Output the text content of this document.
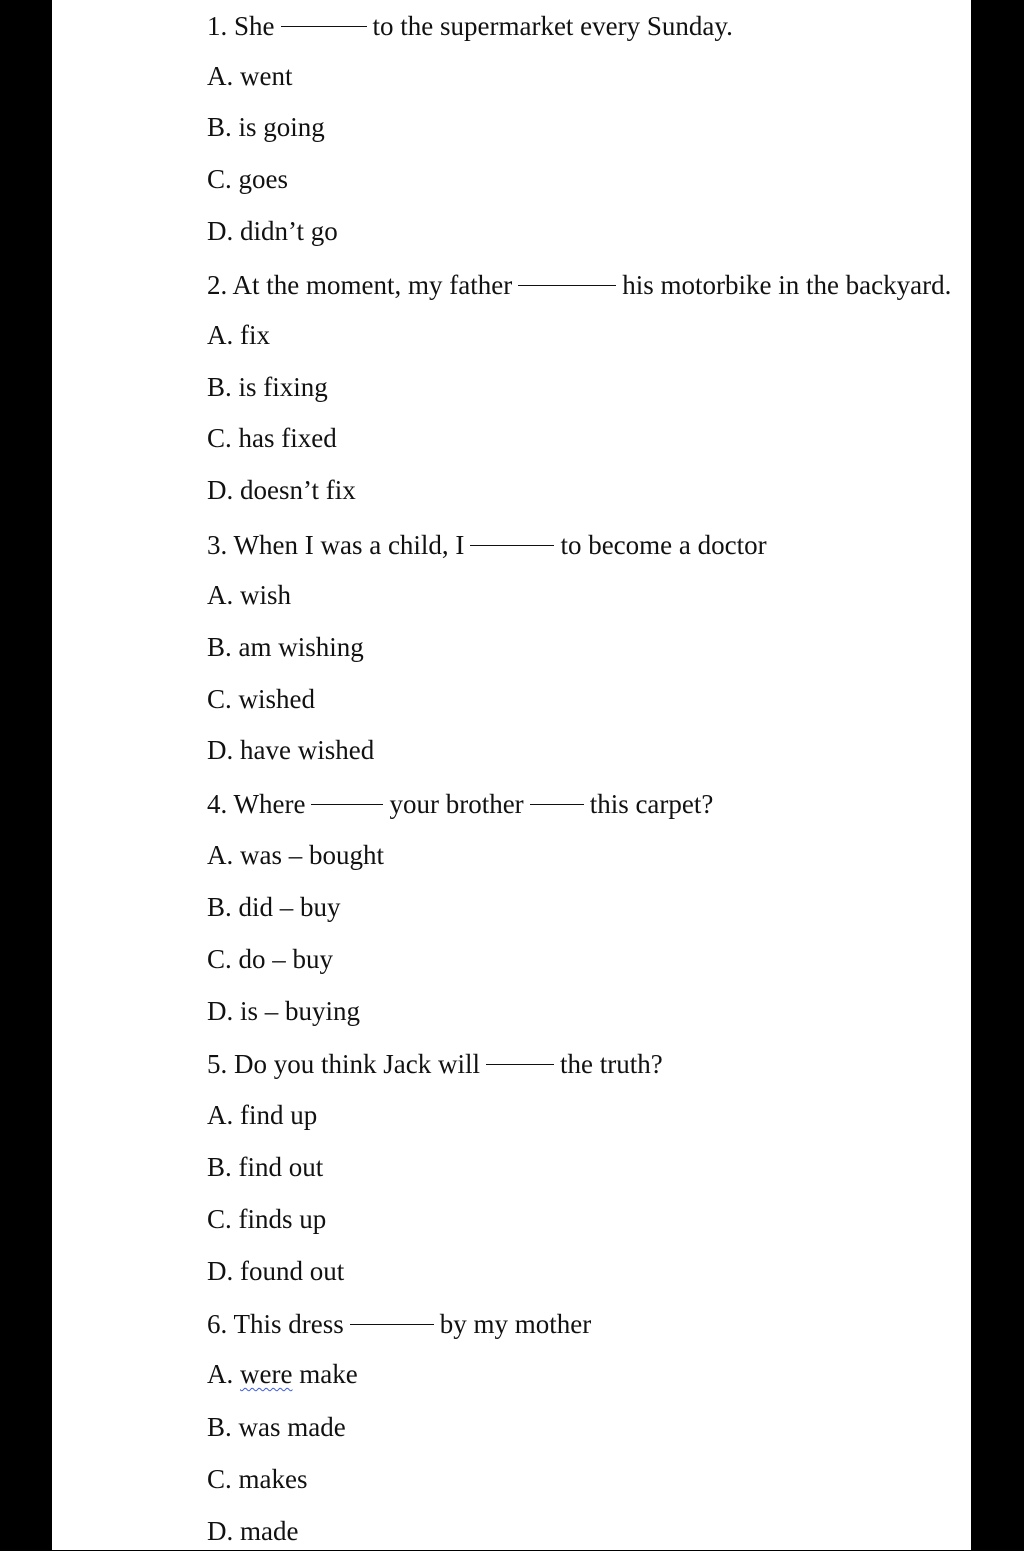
1. She	to the supermarket every Sunday.
A. went
B. is going
C. goes
D. didn’t go
2. At the moment, my father	his motorbike in the backyard.
A. fix
B. is fixing
C. has fixed
D. doesn’t fix
3. When I was a child, I	to become a doctor
A. wish
B. am wishing
C. wished
D. have wished
4. Where	your brother this carpet?
A. was – bought
B. did – buy
C. do – buy
D. is – buying
5. Do you think Jack will	the truth?
A. find up
B. find out
C. finds up
D. found out
6. This dress	by my mother
A. were make
B. was made
C. makes
D. made
